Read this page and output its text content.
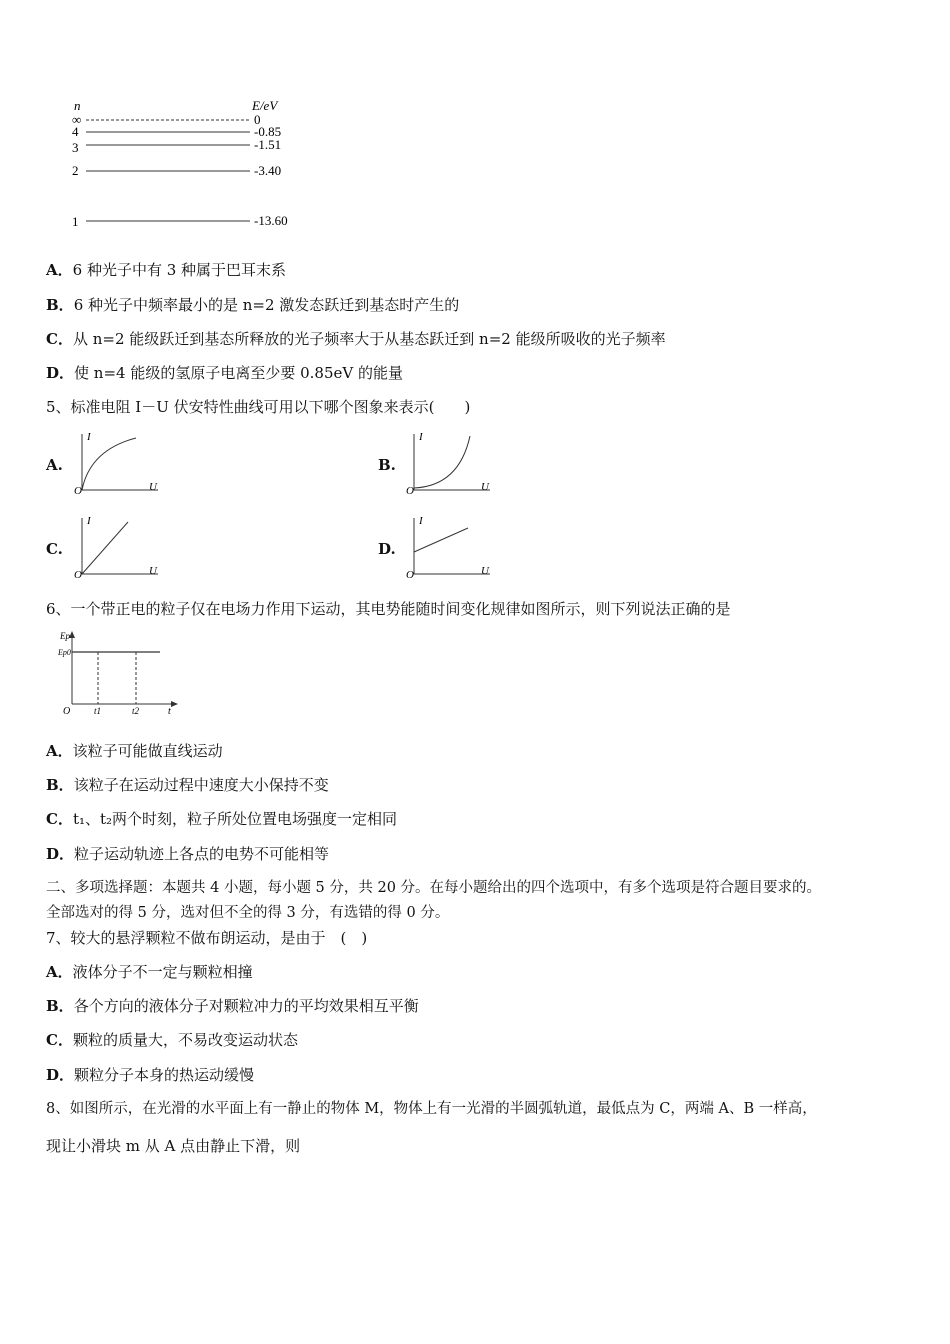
n	E/eV
∞	0
4	-0.85
3	-1.51
2	-3.40
1	-13.60
A．6 种光子中有 3 种属于巴耳末系
B．6 种光子中频率最小的是 n=2 激发态跃迁到基态时产生的
C．从 n=2 能级跃迁到基态所释放的光子频率大于从基态跃迁到 n=2 能级所吸收的光子频率
D．使 n=4 能级的氢原子电离至少要 0.85eV 的能量
5、标准电阻 I－U 伏安特性曲线可用以下哪个图象来表示(　　)
A.
I
U
O
B.
I
U
O
C.
I
U
O
D.
I
U
O
6、一个带正电的粒子仅在电场力作用下运动，其电势能随时间变化规律如图所示，则下列说法正确的是
Ep
Ep0
O	t1	t2	t
A．该粒子可能做直线运动
B．该粒子在运动过程中速度大小保持不变
C．t₁、t₂两个时刻，粒子所处位置电场强度一定相同
D．粒子运动轨迹上各点的电势不可能相等
二、多项选择题：本题共 4 小题，每小题 5 分，共 20 分。在每小题给出的四个选项中，有多个选项是符合题目要求的。
全部选对的得 5 分，选对但不全的得 3 分，有选错的得 0 分。
7、较大的悬浮颗粒不做布朗运动，是由于　(　)
A．液体分子不一定与颗粒相撞
B．各个方向的液体分子对颗粒冲力的平均效果相互平衡
C．颗粒的质量大，不易改变运动状态
D．颗粒分子本身的热运动缓慢
8、如图所示，在光滑的水平面上有一静止的物体 M，物体上有一光滑的半圆弧轨道，最低点为 C，两端 A、B 一样高，
现让小滑块 m 从 A 点由静止下滑，则
